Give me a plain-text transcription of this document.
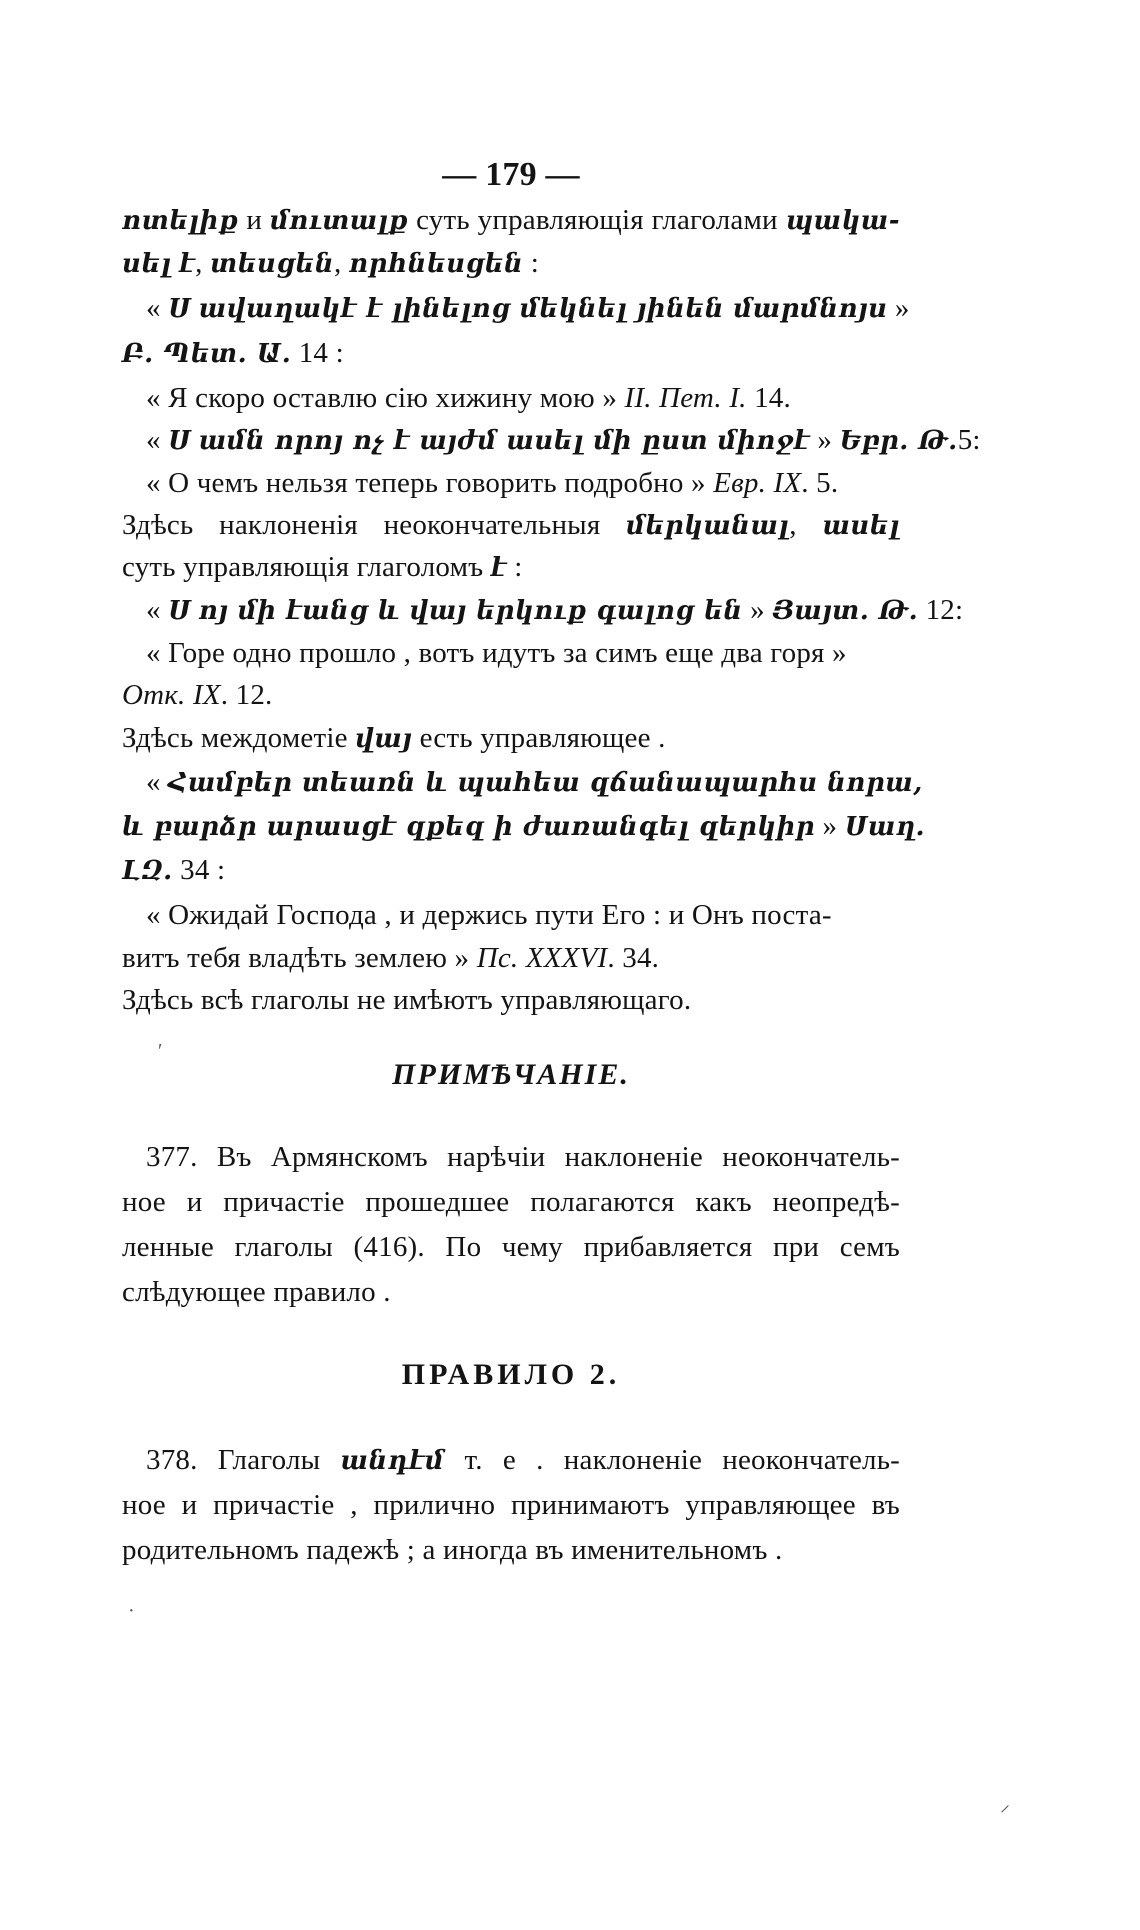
— 179 —
ոտելիք и մուտալք суть управляющія глаголами պակա-
սել է, տեսցեն, որհնեսցեն :
« Ս ավաղակէ է լինելոց մեկնել յինեն մարմնոյս »
Բ. Պետ. Ա. 14 :
« Я скоро оставлю сію хижину мою » II. Пет. I. 14.
« Ս ամն որոյ ոչ է այժմ ասել մի ըստ միոջէ » Եբր. Թ.5:
« О чемъ нельзя теперь говорить подробно » Евр. IX. 5.
Здѣсь наклоненія неокончательныя մերկանալ, ասել
суть управляющія глаголомъ է :
« Ս ոյ մի էանց և վայ երկուք գալոց են » Յայտ. Թ. 12:
« Горе одно прошло , вотъ идутъ за симъ еще два горя »
Отк. IX. 12.
Здѣсь междометіе վայ есть управляющее .
« Համբեր տեառն և պահեա զճանապարհս նորա,
և բարձր արասցէ զքեզ ի ժառանգել զերկիր » Սաղ.
ԼԶ. 34 :
« Ожидай Господа , и держись пути Его : и Онъ поста-
витъ тебя владѣть землею » Пс. XXXVI. 34.
Здѣсь всѣ глаголы не имѣютъ управляющаго.
ПРИМѢЧАНІЕ.
377. Въ Армянскомъ нарѣчіи наклоненіе неокончатель-
ное и причастіе прошедшее полагаются какъ неопредѣ-
ленные глаголы (416). По чему прибавляется при семъ
слѣдующее правило .
ПРАВИЛО 2.
378. Глаголы անդէմ т. е . наклоненіе неокончатель-
ное и причастіе , прилично принимаютъ управляющее въ
родительномъ падежѣ ; а иногда въ именительномъ .
′
·
⸝
